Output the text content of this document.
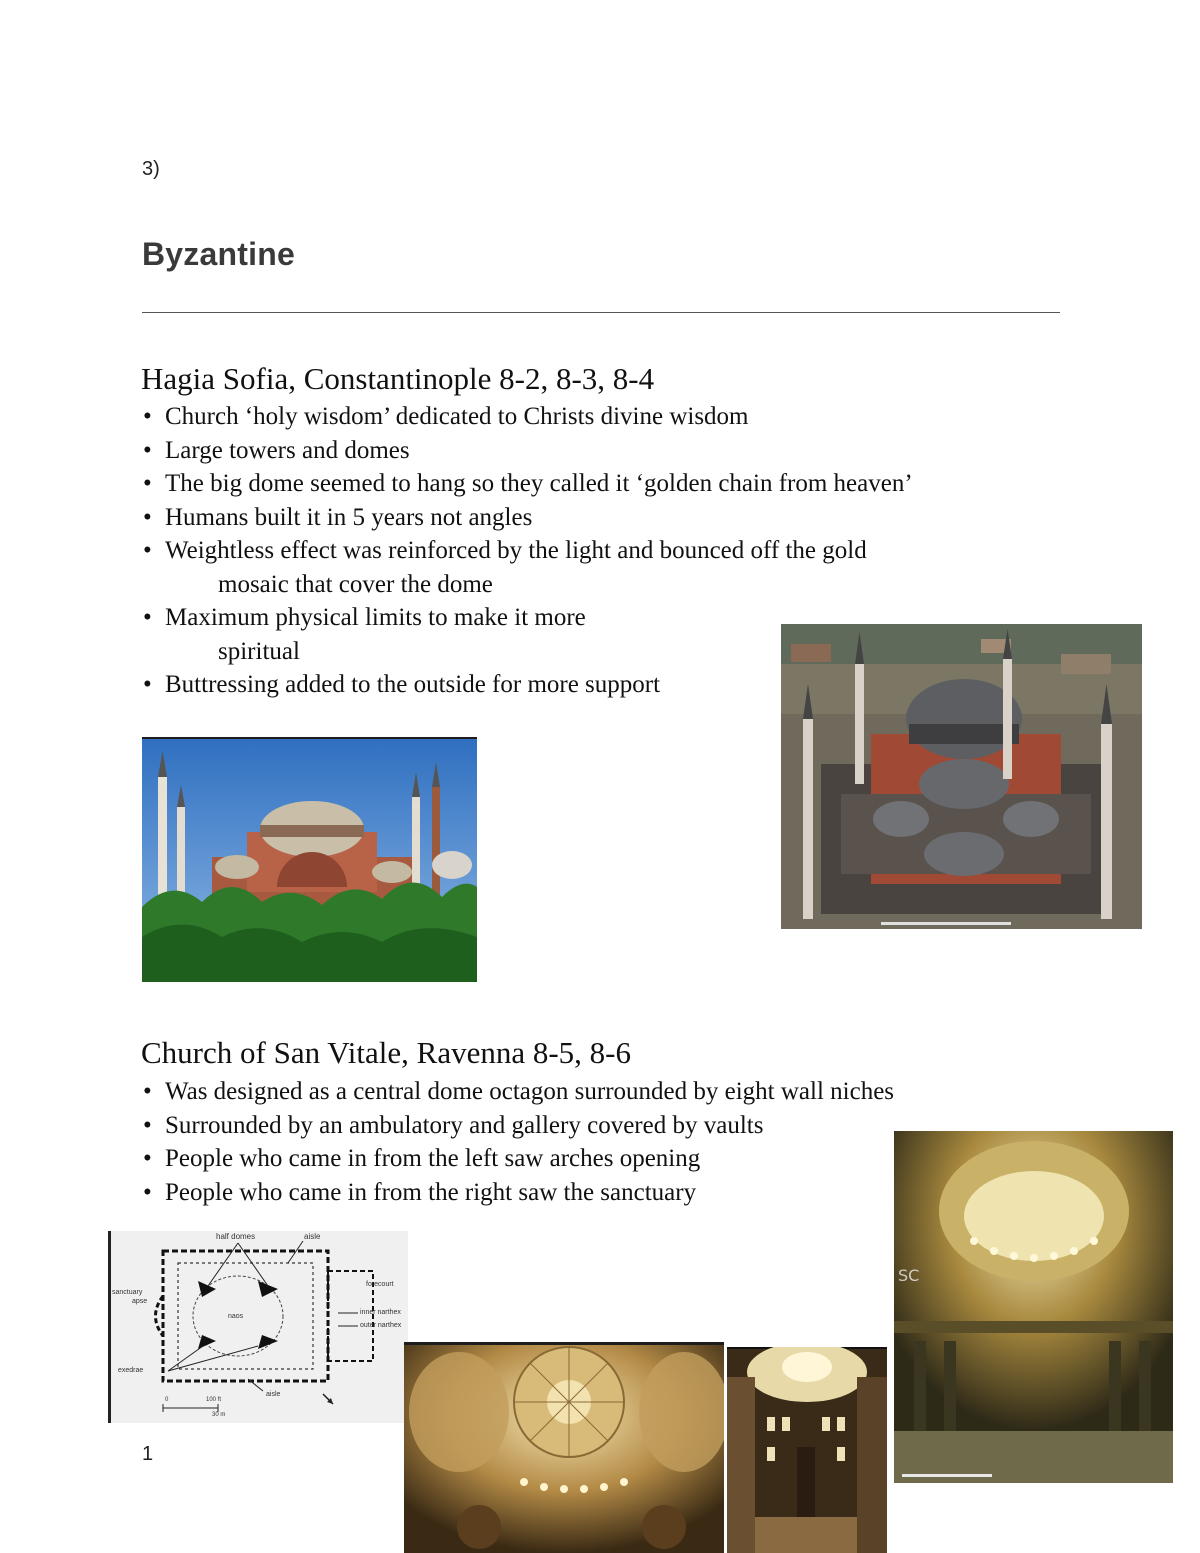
3)
Byzantine
Hagia Sofia, Constantinople 8-2, 8-3, 8-4
• Church ‘holy wisdom’ dedicated to Christs divine wisdom
• Large towers and domes
• The big dome seemed to hang so they called it ‘golden chain from heaven’
• Humans built it in 5 years not angles
• Weightless effect was reinforced by the light and bounced off the gold
mosaic that cover the dome
• Maximum physical limits to make it more
spiritual
• Buttressing added to the outside for more support
Church of San Vitale, Ravenna 8-5, 8-6
• Was designed as a central dome octagon surrounded by eight wall niches
• Surrounded by an ambulatory and gallery covered by vaults
• People who came in from the left saw arches opening
• People who came in from the right saw the sanctuary
SC
half domes	aisle
forecourt
sanctuary
apse
naos
inner narthex
outer narthex
exedrae
aisle
0	100 ft
30 m
1
